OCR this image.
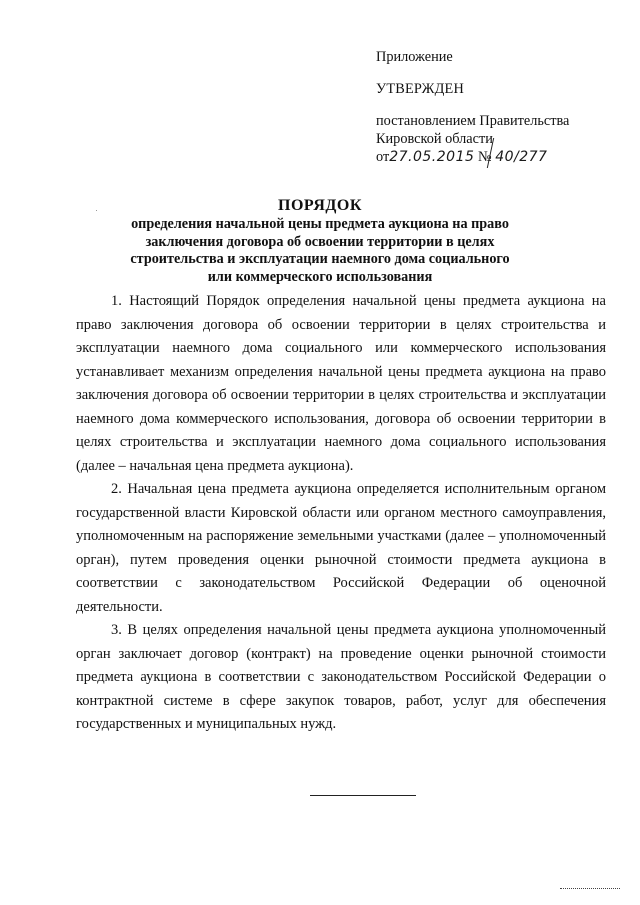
Приложение
УТВЕРЖДЕН
постановлением Правительства
Кировской области
от27.05.2015 № 40/277
ПОРЯДОК
определения начальной цены предмета аукциона на право заключения договора об освоении территории в целях строительства и эксплуатации наемного дома социального или коммерческого использования

1. Настоящий Порядок определения начальной цены предмета аукциона на право заключения договора об освоении территории в целях строительства и эксплуатации наемного дома социального или коммерческого использования устанавливает механизм определения начальной цены предмета аукциона на право заключения договора об освоении территории в целях строительства и эксплуатации наемного дома коммерческого использования, договора об освоении территории в целях строительства и эксплуатации наемного дома социального использования (далее – начальная цена предмета аукциона).

2. Начальная цена предмета аукциона определяется исполнительным органом государственной власти Кировской области или органом местного самоуправления, уполномоченным на распоряжение земельными участками (далее – уполномоченный орган), путем проведения оценки рыночной стоимости предмета аукциона в соответствии с законодательством Российской Федерации об оценочной деятельности.

3. В целях определения начальной цены предмета аукциона уполномоченный орган заключает договор (контракт) на проведение оценки рыночной стоимости предмета аукциона в соответствии с законодательством Российской Федерации о контрактной системе в сфере закупок товаров, работ, услуг для обеспечения государственных и муниципальных нужд.
